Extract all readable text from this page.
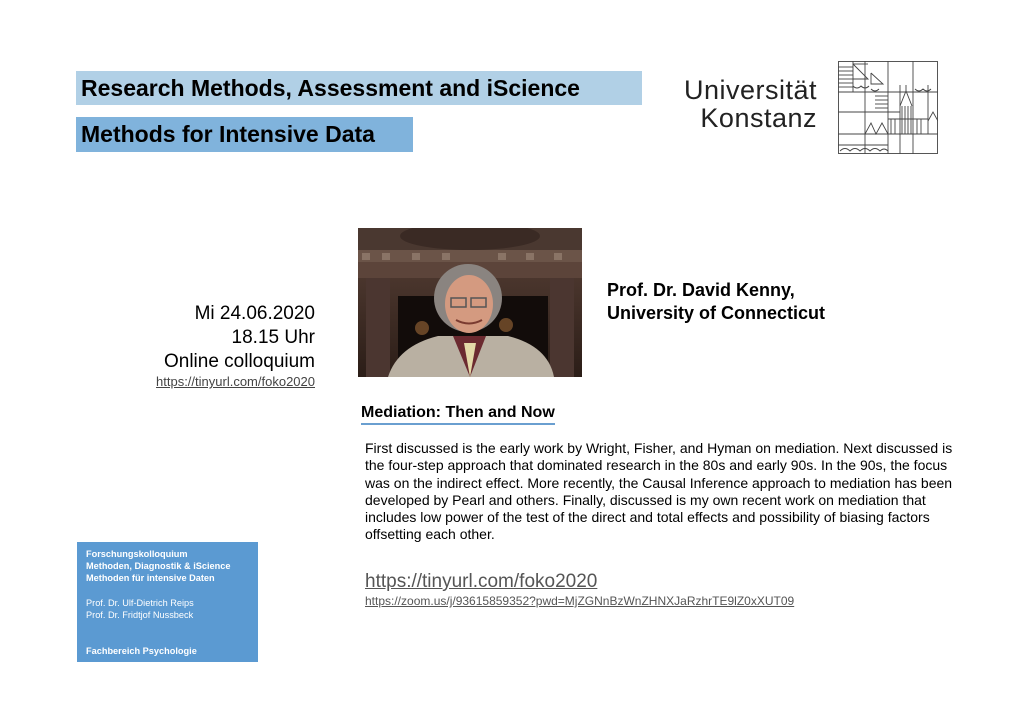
Research Methods, Assessment and iScience
Methods for Intensive Data
Universität
Konstanz
Mi 24.06.2020
18.15 Uhr
Online colloquium
https://tinyurl.com/foko2020
Prof. Dr. David Kenny,
University of Connecticut
Mediation: Then and Now
First discussed is the early work by Wright, Fisher, and Hyman on mediation. Next discussed is the four-step approach that dominated research in the 80s and early 90s. In the 90s, the focus was on the indirect effect. More recently, the Causal Inference approach to mediation has been developed by Pearl and others. Finally, discussed is my own recent work on mediation that includes low power of the test of the direct and total effects and possibility of biasing factors offsetting each other.
https://tinyurl.com/foko2020
https://zoom.us/j/93615859352?pwd=MjZGNnBzWnZHNXJaRzhrTE9lZ0xXUT09
Forschungskolloquium
Methoden, Diagnostik & iScience
Methoden für intensive Daten
Prof. Dr. Ulf-Dietrich Reips
Prof. Dr. Fridtjof Nussbeck
Fachbereich Psychologie
